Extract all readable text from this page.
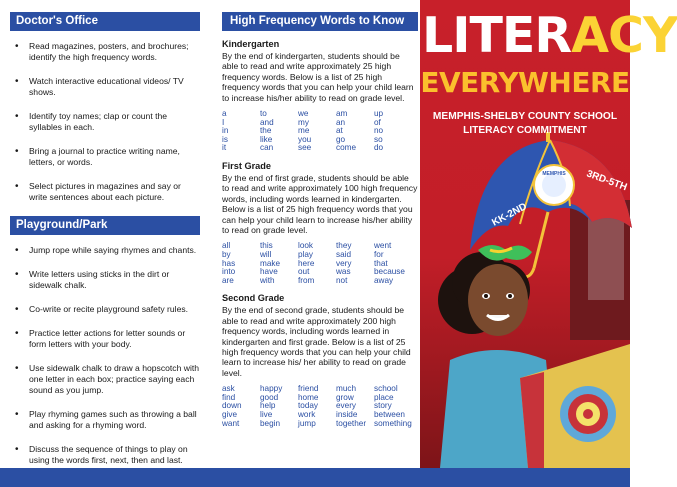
Doctor's Office
• Read magazines, posters, and brochures; identify the high frequency words.
• Watch interactive educational videos/ TV shows.
• Identify toy names; clap or count the syllables in each.
• Bring a journal to practice writing name, letters, or words.
• Select pictures in magazines and say or write sentences about each picture.
Playground/Park
• Jump rope while saying rhymes and chants.
• Write letters using sticks in the dirt or sidewalk chalk.
• Co-write or recite playground safety rules.
• Practice letter actions for letter sounds or form letters with your body.
• Use sidewalk chalk to draw a hopscotch with one letter in each box; practice saying each sound as you jump.
• Play rhyming games such as throwing a ball and asking for a rhyming word.
• Discuss the sequence of things to play on using the words first, next, then and last.
High Frequency Words to Know
Kindergarten
By the end of kindergarten, students should be able to read and write approximately 25 high frequency words. Below is a list of 25 high frequency words that you can help your child learn to increase his/her ability to read on grade level.
a
I
in
is
it
to
and
the
like
can
we
my
me
you
see
am
an
at
go
come
up
of
no
so
do
First Grade
By the end of first grade, students should be able to read and write approximately 100 high frequency words, including words learned in kindergarten. Below is a list of 25 high frequency words that you can help your child learn to increase his/her ability to read on grade level.
all
by
has
into
are
this
will
make
have
with
look
play
here
out
from
they
said
very
was
not
went
for
that
because
away
Second Grade
By the end of second grade, students should be able to read and write approximately 200 high frequency words, including words learned in kindergarten and first grade. Below is a list of 25 high frequency words that you can help your child learn to increase his/ her ability to read on grade level.
ask
find
down
give
want
happy
good
help
live
begin
friend
home
today
work
jump
much
grow
every
inside
together
school
place
story
between
something
MEMPHIS
KK-2ND
3RD-5TH
LITERACY
EVERYWHERE
MEMPHIS-SHELBY COUNTY SCHOOL
LITERACY COMMITMENT
